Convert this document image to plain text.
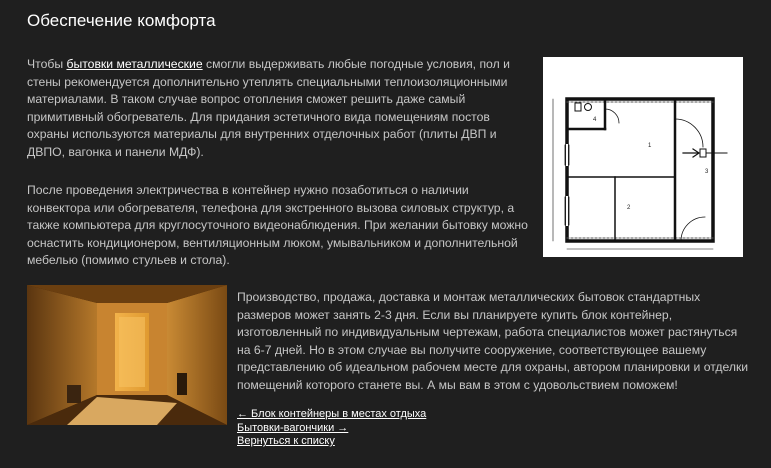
Обеспечение комфорта

Чтобы бытовки металлические смогли выдерживать любые погодные условия, пол и стены рекомендуется дополнительно утеплять специальными теплоизоляционными материалами. В таком случае вопрос отопления сможет решить даже самый примитивный обогреватель. Для придания эстетичного вида помещениям постов охраны используются материалы для внутренних отделочных работ (плиты ДВП и ДВПО, вагонка и панели МДФ).

4
1
2
3

После проведения электричества в контейнер нужно позаботиться о наличии конвектора или обогревателя, телефона для экстренного вызова силовых структур, а также компьютера для круглосуточного видеонаблюдения. При желании бытовку можно оснастить кондиционером, вентиляционным люком, умывальником и дополнительной мебелью (помимо стульев и стола).

Производство, продажа, доставка и монтаж металлических бытовок стандартных размеров может занять 2-3 дня. Если вы планируете купить блок контейнер, изготовленный по индивидуальным чертежам, работа специалистов может растянуться на 6-7 дней. Но в этом случае вы получите сооружение, соответствующее вашему представлению об идеальном рабочем месте для охраны, автором планировки и отделки помещений которого станете вы. А мы вам в этом с удовольствием поможем!

← Блок контейнеры в местах отдыха
Бытовки-вагончики →
Вернуться к списку
